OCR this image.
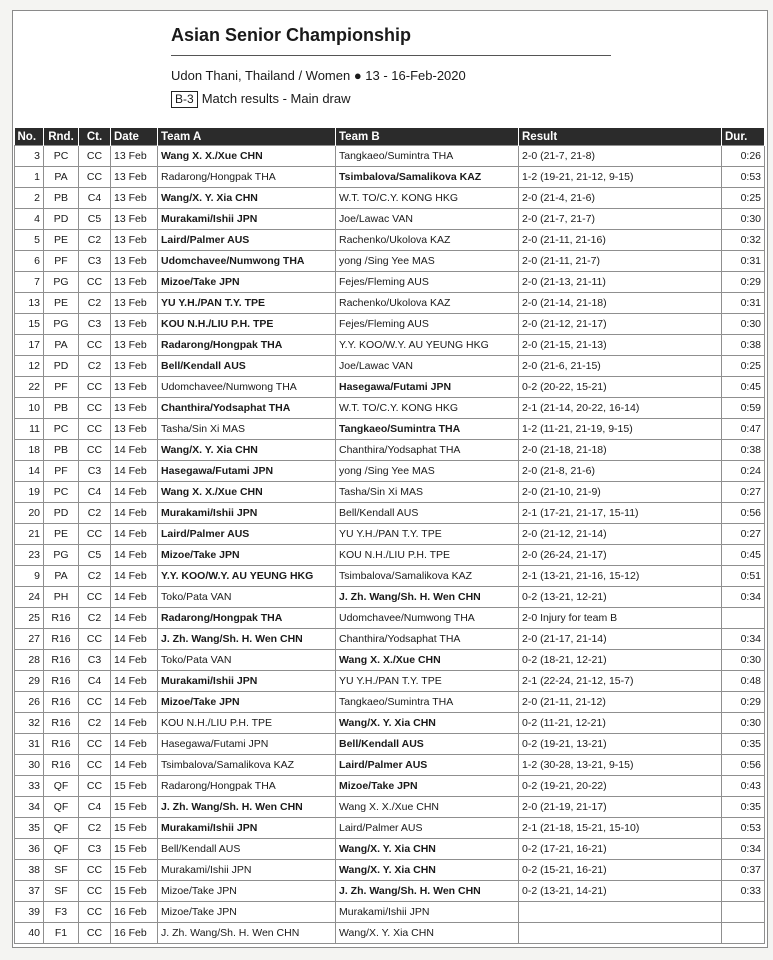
Asian Senior Championship
Udon Thani, Thailand / Women ● 13 - 16-Feb-2020
B-3 Match results - Main draw
No.	Rnd.	Ct.	Date	Team A	Team B	Result	Dur.
3	PC	CC	13 Feb	Wang X. X./Xue CHN	Tangkaeo/Sumintra THA	2-0 (21-7, 21-8)	0:26
1	PA	CC	13 Feb	Radarong/Hongpak THA	Tsimbalova/Samalikova KAZ	1-2 (19-21, 21-12, 9-15)	0:53
2	PB	C4	13 Feb	Wang/X. Y. Xia CHN	W.T. TO/C.Y. KONG HKG	2-0 (21-4, 21-6)	0:25
4	PD	C5	13 Feb	Murakami/Ishii JPN	Joe/Lawac VAN	2-0 (21-7, 21-7)	0:30
5	PE	C2	13 Feb	Laird/Palmer AUS	Rachenko/Ukolova KAZ	2-0 (21-11, 21-16)	0:32
6	PF	C3	13 Feb	Udomchavee/Numwong THA	yong /Sing Yee MAS	2-0 (21-11, 21-7)	0:31
7	PG	CC	13 Feb	Mizoe/Take JPN	Fejes/Fleming AUS	2-0 (21-13, 21-11)	0:29
13	PE	C2	13 Feb	YU Y.H./PAN T.Y. TPE	Rachenko/Ukolova KAZ	2-0 (21-14, 21-18)	0:31
15	PG	C3	13 Feb	KOU N.H./LIU P.H. TPE	Fejes/Fleming AUS	2-0 (21-12, 21-17)	0:30
17	PA	CC	13 Feb	Radarong/Hongpak THA	Y.Y. KOO/W.Y. AU YEUNG HKG	2-0 (21-15, 21-13)	0:38
12	PD	C2	13 Feb	Bell/Kendall AUS	Joe/Lawac VAN	2-0 (21-6, 21-15)	0:25
22	PF	CC	13 Feb	Udomchavee/Numwong THA	Hasegawa/Futami JPN	0-2 (20-22, 15-21)	0:45
10	PB	CC	13 Feb	Chanthira/Yodsaphat THA	W.T. TO/C.Y. KONG HKG	2-1 (21-14, 20-22, 16-14)	0:59
11	PC	CC	13 Feb	Tasha/Sin Xi MAS	Tangkaeo/Sumintra THA	1-2 (11-21, 21-19, 9-15)	0:47
18	PB	CC	14 Feb	Wang/X. Y. Xia CHN	Chanthira/Yodsaphat THA	2-0 (21-18, 21-18)	0:38
14	PF	C3	14 Feb	Hasegawa/Futami JPN	yong /Sing Yee MAS	2-0 (21-8, 21-6)	0:24
19	PC	C4	14 Feb	Wang X. X./Xue CHN	Tasha/Sin Xi MAS	2-0 (21-10, 21-9)	0:27
20	PD	C2	14 Feb	Murakami/Ishii JPN	Bell/Kendall AUS	2-1 (17-21, 21-17, 15-11)	0:56
21	PE	CC	14 Feb	Laird/Palmer AUS	YU Y.H./PAN T.Y. TPE	2-0 (21-12, 21-14)	0:27
23	PG	C5	14 Feb	Mizoe/Take JPN	KOU N.H./LIU P.H. TPE	2-0 (26-24, 21-17)	0:45
9	PA	C2	14 Feb	Y.Y. KOO/W.Y. AU YEUNG HKG	Tsimbalova/Samalikova KAZ	2-1 (13-21, 21-16, 15-12)	0:51
24	PH	CC	14 Feb	Toko/Pata VAN	J. Zh. Wang/Sh. H. Wen CHN	0-2 (13-21, 12-21)	0:34
25	R16	C2	14 Feb	Radarong/Hongpak THA	Udomchavee/Numwong THA	2-0 Injury for team B	
27	R16	CC	14 Feb	J. Zh. Wang/Sh. H. Wen CHN	Chanthira/Yodsaphat THA	2-0 (21-17, 21-14)	0:34
28	R16	C3	14 Feb	Toko/Pata VAN	Wang X. X./Xue CHN	0-2 (18-21, 12-21)	0:30
29	R16	C4	14 Feb	Murakami/Ishii JPN	YU Y.H./PAN T.Y. TPE	2-1 (22-24, 21-12, 15-7)	0:48
26	R16	CC	14 Feb	Mizoe/Take JPN	Tangkaeo/Sumintra THA	2-0 (21-11, 21-12)	0:29
32	R16	C2	14 Feb	KOU N.H./LIU P.H. TPE	Wang/X. Y. Xia CHN	0-2 (11-21, 12-21)	0:30
31	R16	CC	14 Feb	Hasegawa/Futami JPN	Bell/Kendall AUS	0-2 (19-21, 13-21)	0:35
30	R16	CC	14 Feb	Tsimbalova/Samalikova KAZ	Laird/Palmer AUS	1-2 (30-28, 13-21, 9-15)	0:56
33	QF	CC	15 Feb	Radarong/Hongpak THA	Mizoe/Take JPN	0-2 (19-21, 20-22)	0:43
34	QF	C4	15 Feb	J. Zh. Wang/Sh. H. Wen CHN	Wang X. X./Xue CHN	2-0 (21-19, 21-17)	0:35
35	QF	C2	15 Feb	Murakami/Ishii JPN	Laird/Palmer AUS	2-1 (21-18, 15-21, 15-10)	0:53
36	QF	C3	15 Feb	Bell/Kendall AUS	Wang/X. Y. Xia CHN	0-2 (17-21, 16-21)	0:34
38	SF	CC	15 Feb	Murakami/Ishii JPN	Wang/X. Y. Xia CHN	0-2 (15-21, 16-21)	0:37
37	SF	CC	15 Feb	Mizoe/Take JPN	J. Zh. Wang/Sh. H. Wen CHN	0-2 (13-21, 14-21)	0:33
39	F3	CC	16 Feb	Mizoe/Take JPN	Murakami/Ishii JPN		
40	F1	CC	16 Feb	J. Zh. Wang/Sh. H. Wen CHN	Wang/X. Y. Xia CHN		
